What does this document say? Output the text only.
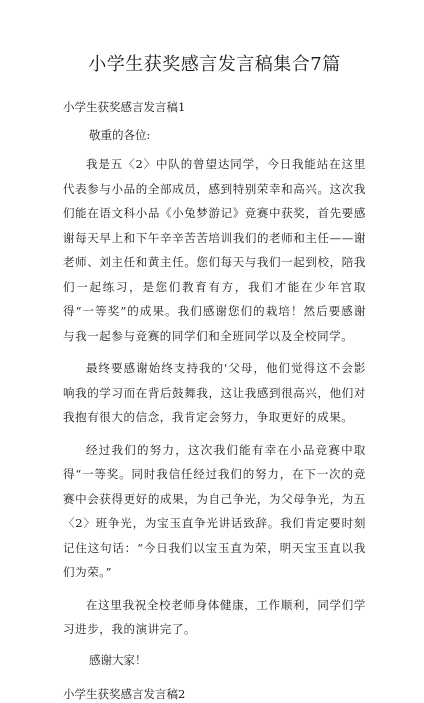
小学生获奖感言发言稿集合7篇

小学生获奖感言发言稿1

敬重的各位:

我是五〈2〉中队的曾望达同学，今日我能站在这里代表参与小品的全部成员，感到特别荣幸和高兴。这次我们能在语文科小品《小兔梦游记》竞赛中获奖，首先要感谢每天早上和下午辛辛苦苦培训我们的老师和主任——谢老师、刘主任和黄主任。您们每天与我们一起到校，陪我们一起练习，是您们教育有方，我们才能在少年宫取得“一等奖”的成果。我们感谢您们的栽培！然后要感谢与我一起参与竞赛的同学们和全班同学以及全校同学。

最终要感谢始终支持我的'父母，他们觉得这不会影响我的学习而在背后鼓舞我，这让我感到很高兴，他们对我抱有很大的信念，我肯定会努力，争取更好的成果。

经过我们的努力，这次我们能有幸在小品竞赛中取得“一等奖。同时我信任经过我们的努力，在下一次的竞赛中会获得更好的成果，为自己争光，为父母争光，为五〈2〉班争光，为宝玉直争光讲话致辞。我们肯定要时刻记住这句话：“今日我们以宝玉直为荣，明天宝玉直以我们为荣。”

在这里我祝全校老师身体健康，工作顺利，同学们学习进步，我的演讲完了。

感谢大家！

小学生获奖感言发言稿2
